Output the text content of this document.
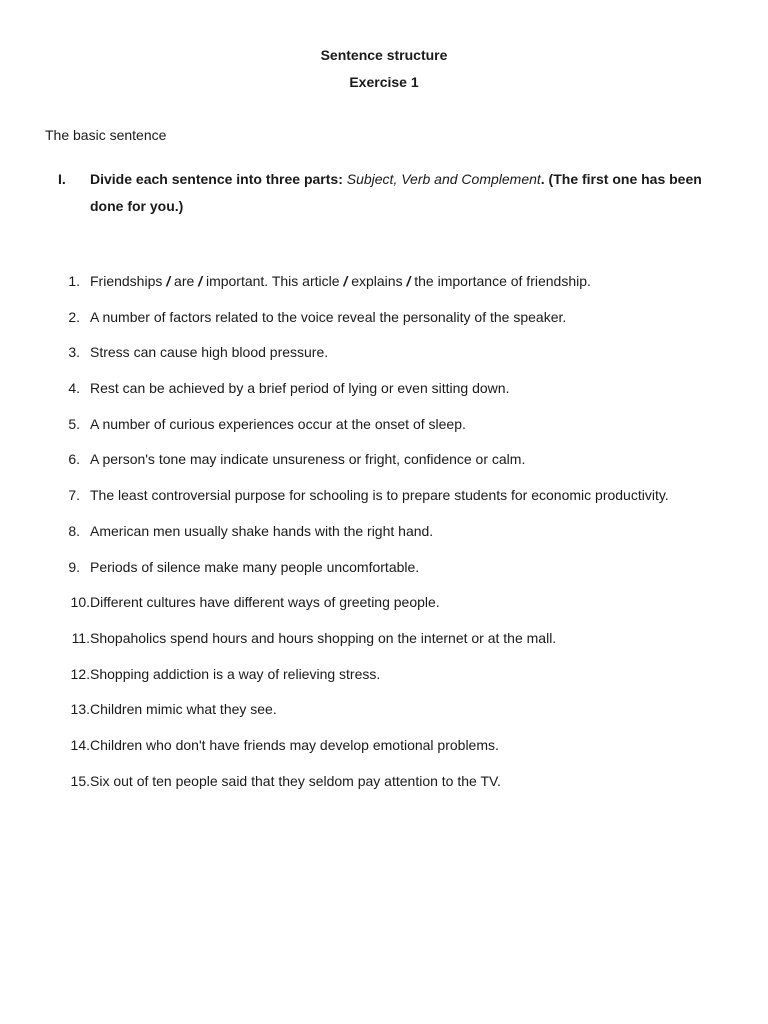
Sentence structure
Exercise 1
The basic sentence
I. Divide each sentence into three parts: Subject, Verb and Complement. (The first one has been done for you.)
1. Friendships / are / important. This article / explains / the importance of friendship.
2. A number of factors related to the voice reveal the personality of the speaker.
3. Stress can cause high blood pressure.
4. Rest can be achieved by a brief period of lying or even sitting down.
5. A number of curious experiences occur at the onset of sleep.
6. A person's tone may indicate unsureness or fright, confidence or calm.
7. The least controversial purpose for schooling is to prepare students for economic productivity.
8. American men usually shake hands with the right hand.
9. Periods of silence make many people uncomfortable.
10. Different cultures have different ways of greeting people.
11. Shopaholics spend hours and hours shopping on the internet or at the mall.
12. Shopping addiction is a way of relieving stress.
13. Children mimic what they see.
14. Children who don't have friends may develop emotional problems.
15. Six out of ten people said that they seldom pay attention to the TV.
